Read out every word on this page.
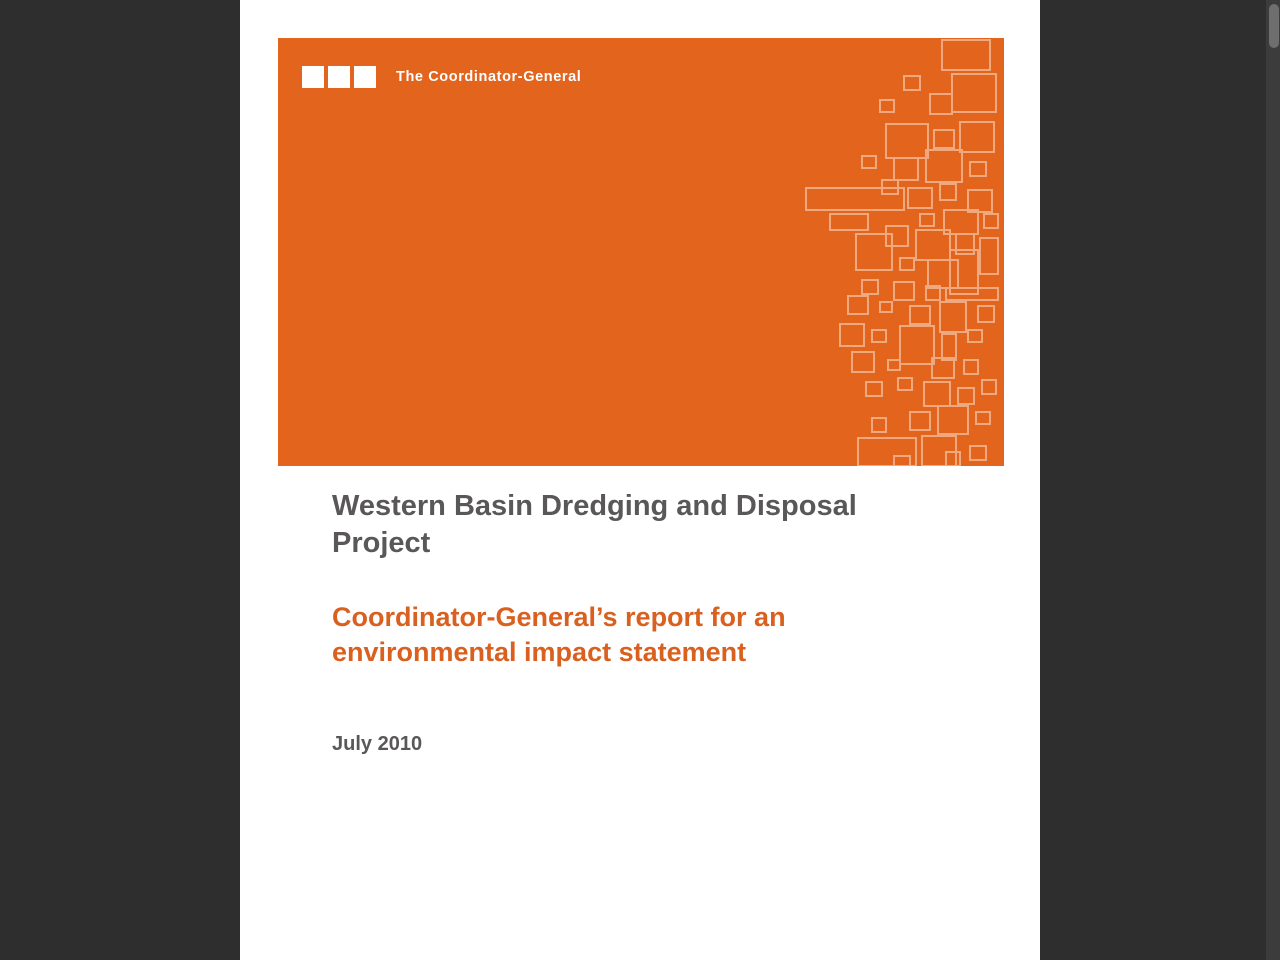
The Coordinator-General
Western Basin Dredging and Disposal Project
Coordinator-General’s report for an environmental impact statement

July 2010
